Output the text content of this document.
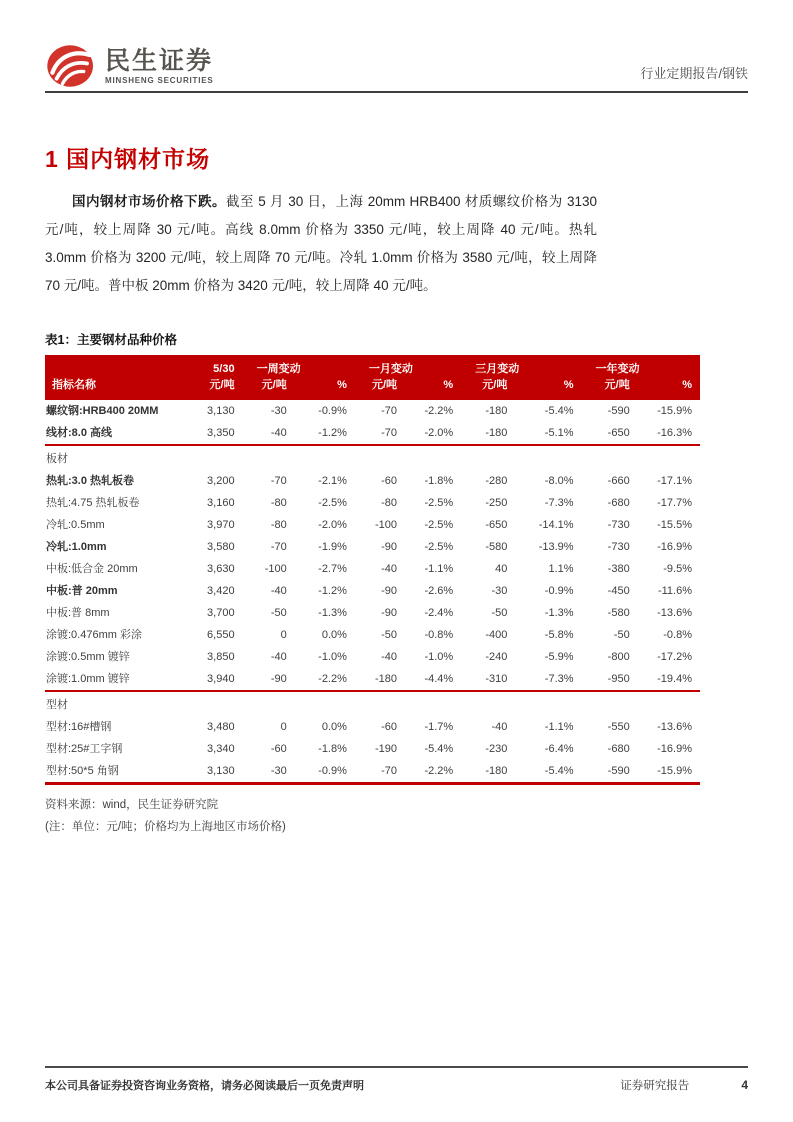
民生证券
MINSHENG SECURITIES	行业定期报告/钢铁
1 国内钢材市场

国内钢材市场价格下跌。截至 5 月 30 日，上海 20mm HRB400 材质螺纹价格为 3130 元/吨，较上周降 30 元/吨。高线 8.0mm 价格为 3350 元/吨，较上周降 40 元/吨。热轧 3.0mm 价格为 3200 元/吨，较上周降 70 元/吨。冷轧 1.0mm 价格为 3580 元/吨，较上周降 70 元/吨。普中板 20mm 价格为 3420 元/吨，较上周降 40 元/吨。

表1：主要钢材品种价格
	5/30	一周变动		一月变动		三月变动		一年变动	
指标名称	元/吨	元/吨	%	元/吨	%	元/吨	%	元/吨	%
螺纹钢:HRB400 20MM	3,130	-30	-0.9%	-70	-2.2%	-180	-5.4%	-590	-15.9%
线材:8.0 高线	3,350	-40	-1.2%	-70	-2.0%	-180	-5.1%	-650	-16.3%
板材									
热轧:3.0 热轧板卷	3,200	-70	-2.1%	-60	-1.8%	-280	-8.0%	-660	-17.1%
热轧:4.75 热轧板卷	3,160	-80	-2.5%	-80	-2.5%	-250	-7.3%	-680	-17.7%
冷轧:0.5mm	3,970	-80	-2.0%	-100	-2.5%	-650	-14.1%	-730	-15.5%
冷轧:1.0mm	3,580	-70	-1.9%	-90	-2.5%	-580	-13.9%	-730	-16.9%
中板:低合金 20mm	3,630	-100	-2.7%	-40	-1.1%	40	1.1%	-380	-9.5%
中板:普 20mm	3,420	-40	-1.2%	-90	-2.6%	-30	-0.9%	-450	-11.6%
中板:普 8mm	3,700	-50	-1.3%	-90	-2.4%	-50	-1.3%	-580	-13.6%
涂镀:0.476mm 彩涂	6,550	0	0.0%	-50	-0.8%	-400	-5.8%	-50	-0.8%
涂镀:0.5mm 镀锌	3,850	-40	-1.0%	-40	-1.0%	-240	-5.9%	-800	-17.2%
涂镀:1.0mm 镀锌	3,940	-90	-2.2%	-180	-4.4%	-310	-7.3%	-950	-19.4%
型材									
型材:16#槽钢	3,480	0	0.0%	-60	-1.7%	-40	-1.1%	-550	-13.6%
型材:25#工字钢	3,340	-60	-1.8%	-190	-5.4%	-230	-6.4%	-680	-16.9%
型材:50*5 角钢	3,130	-30	-0.9%	-70	-2.2%	-180	-5.4%	-590	-15.9%
资料来源：wind，民生证券研究院
(注：单位：元/吨；价格均为上海地区市场价格)
本公司具备证券投资咨询业务资格，请务必阅读最后一页免责声明	证券研究报告	4
